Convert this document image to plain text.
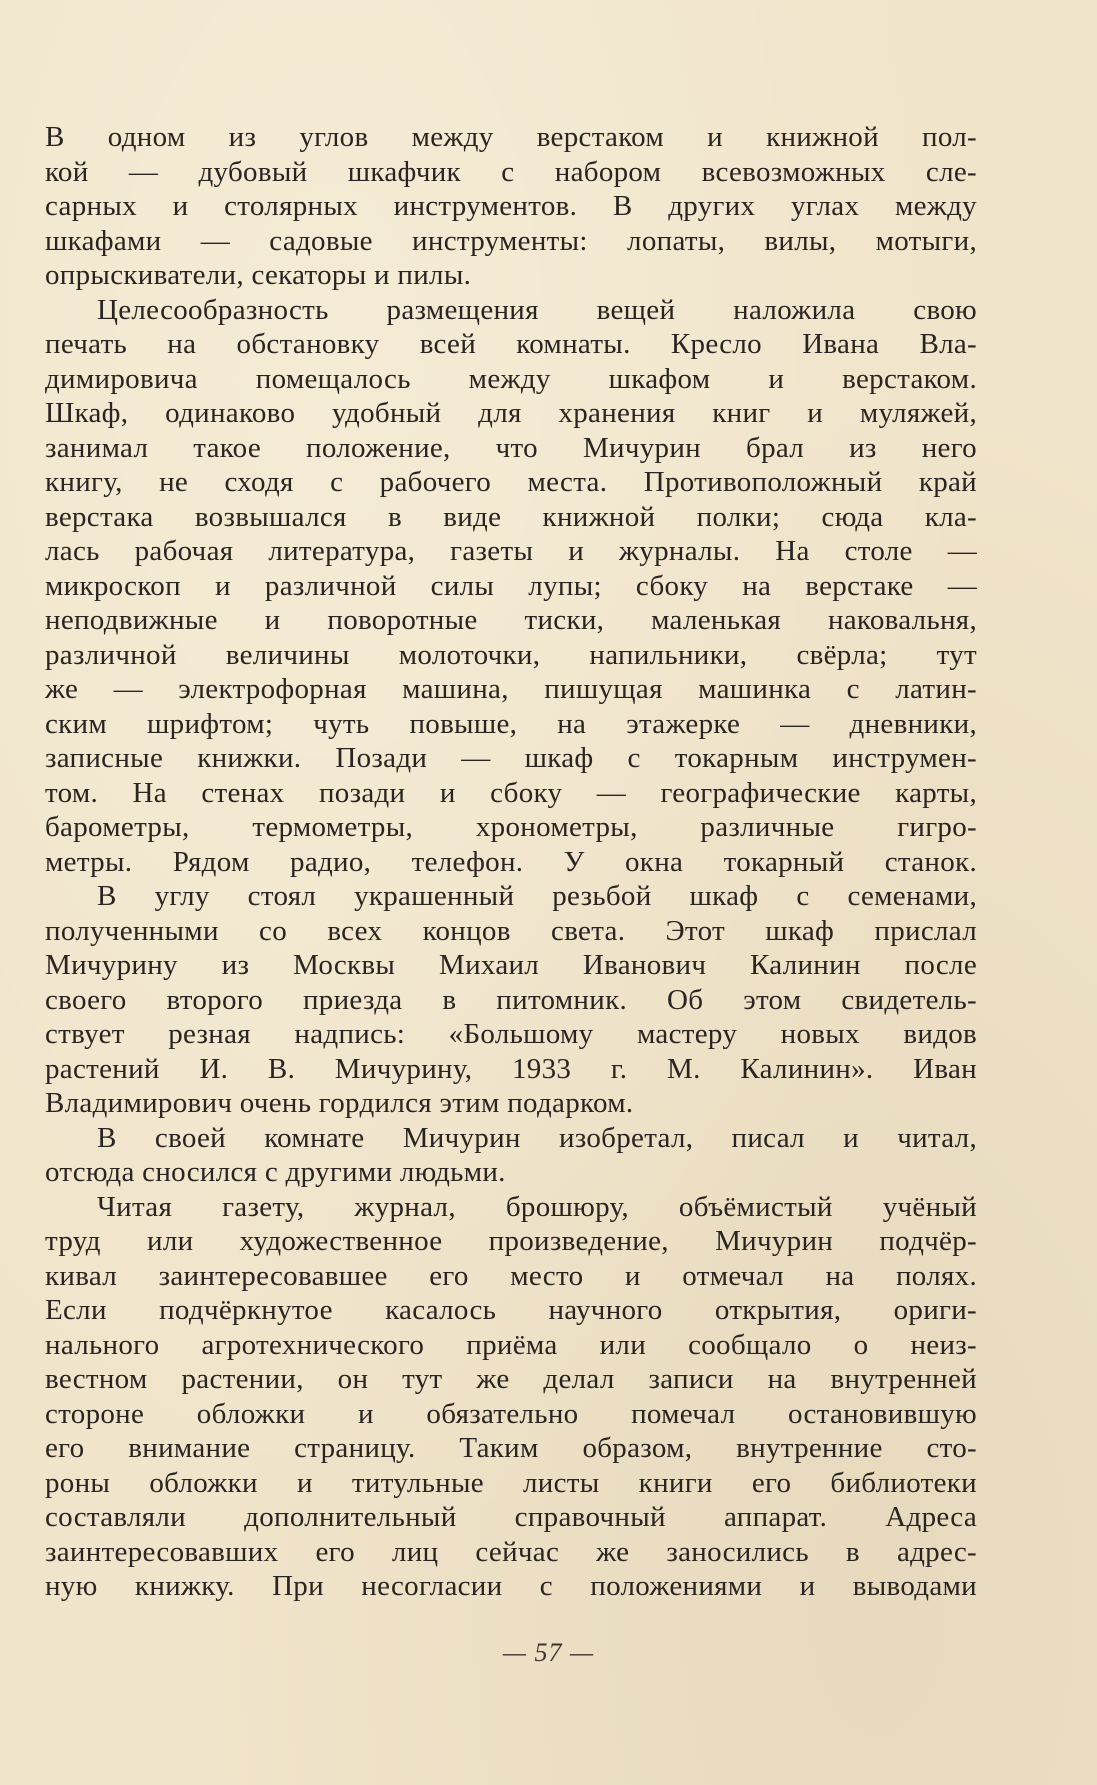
В одном из углов между верстаком и книжной пол-
кой — дубовый шкафчик с набором всевозможных сле-
сарных и столярных инструментов. В других углах между
шкафами — садовые инструменты: лопаты, вилы, мотыги,
опрыскиватели, секаторы и пилы.
Целесообразность размещения вещей наложила свою
печать на обстановку всей комнаты. Кресло Ивана Вла-
димировича помещалось между шкафом и верстаком.
Шкаф, одинаково удобный для хранения книг и муляжей,
занимал такое положение, что Мичурин брал из него
книгу, не сходя с рабочего места. Противоположный край
верстака возвышался в виде книжной полки; сюда кла-
лась рабочая литература, газеты и журналы. На столе —
микроскоп и различной силы лупы; сбоку на верстаке —
неподвижные и поворотные тиски, маленькая наковальня,
различной величины молоточки, напильники, свёрла; тут
же — электрофорная машина, пишущая машинка с латин-
ским шрифтом; чуть повыше, на этажерке — дневники,
записные книжки. Позади — шкаф с токарным инструмен-
том. На стенах позади и сбоку — географические карты,
барометры, термометры, хронометры, различные гигро-
метры. Рядом радио, телефон. У окна токарный станок.
В углу стоял украшенный резьбой шкаф с семенами,
полученными со всех концов света. Этот шкаф прислал
Мичурину из Москвы Михаил Иванович Калинин после
своего второго приезда в питомник. Об этом свидетель-
ствует резная надпись: «Большому мастеру новых видов
растений И. В. Мичурину, 1933 г. М. Калинин». Иван
Владимирович очень гордился этим подарком.
В своей комнате Мичурин изобретал, писал и читал,
отсюда сносился с другими людьми.
Читая газету, журнал, брошюру, объёмистый учёный
труд или художественное произведение, Мичурин подчёр-
кивал заинтересовавшее его место и отмечал на полях.
Если подчёркнутое касалось научного открытия, ориги-
нального агротехнического приёма или сообщало о неиз-
вестном растении, он тут же делал записи на внутренней
стороне обложки и обязательно помечал остановившую
его внимание страницу. Таким образом, внутренние сто-
роны обложки и титульные листы книги его библиотеки
составляли дополнительный справочный аппарат. Адреса
заинтересовавших его лиц сейчас же заносились в адрес-
ную книжку. При несогласии с положениями и выводами
— 57 —
